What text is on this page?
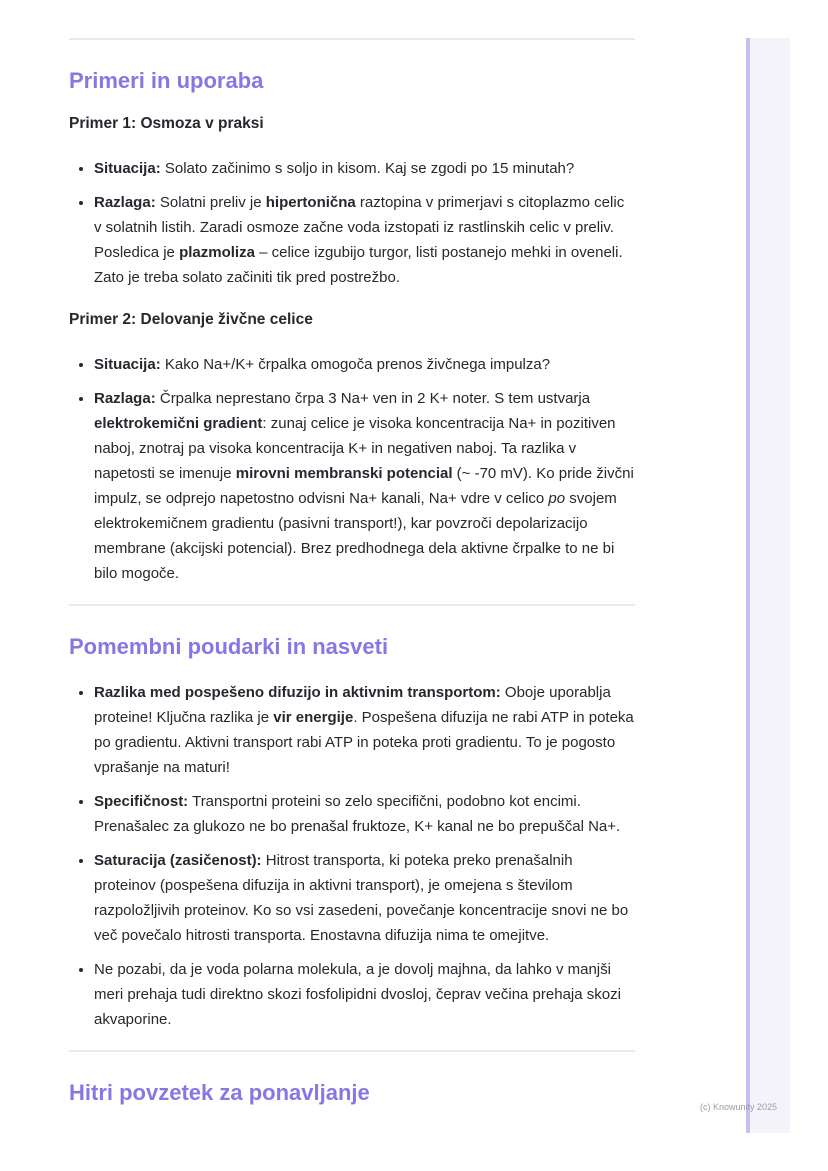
Primeri in uporaba
Primer 1: Osmoza v praksi
• Situacija: Solato začinimo s soljo in kisom. Kaj se zgodi po 15 minutah?
• Razlaga: Solatni preliv je hipertonična raztopina v primerjavi s citoplazmo celic v solatnih listih. Zaradi osmoze začne voda izstopati iz rastlinskih celic v preliv. Posledica je plazmoliza – celice izgubijo turgor, listi postanejo mehki in oveneli. Zato je treba solato začiniti tik pred postrežbo.
Primer 2: Delovanje živčne celice
• Situacija: Kako Na+/K+ črpalka omogoča prenos živčnega impulza?
• Razlaga: Črpalka neprestano črpa 3 Na+ ven in 2 K+ noter. S tem ustvarja elektrokemični gradient: zunaj celice je visoka koncentracija Na+ in pozitiven naboj, znotraj pa visoka koncentracija K+ in negativen naboj. Ta razlika v napetosti se imenuje mirovni membranski potencial (~ -70 mV). Ko pride živčni impulz, se odprejo napetostno odvisni Na+ kanali, Na+ vdre v celico po svojem elektrokemičnem gradientu (pasivni transport!), kar povzroči depolarizacijo membrane (akcijski potencial). Brez predhodnega dela aktivne črpalke to ne bi bilo mogoče.
Pomembni poudarki in nasveti
• Razlika med pospešeno difuzijo in aktivnim transportom: Oboje uporablja proteine! Ključna razlika je vir energije. Pospešena difuzija ne rabi ATP in poteka po gradientu. Aktivni transport rabi ATP in poteka proti gradientu. To je pogosto vprašanje na maturi!
• Specifičnost: Transportni proteini so zelo specifični, podobno kot encimi. Prenašalec za glukozo ne bo prenašal fruktoze, K+ kanal ne bo prepuščal Na+.
• Saturacija (zasičenost): Hitrost transporta, ki poteka preko prenašalnih proteinov (pospešena difuzija in aktivni transport), je omejena s številom razpoložljivih proteinov. Ko so vsi zasedeni, povečanje koncentracije snovi ne bo več povečalo hitrosti transporta. Enostavna difuzija nima te omejitve.
• Ne pozabi, da je voda polarna molekula, a je dovolj majhna, da lahko v manjši meri prehaja tudi direktno skozi fosfolipidni dvosloj, čeprav večina prehaja skozi akvaporine.
Hitri povzetek za ponavljanje
(c) Knowunity 2025
